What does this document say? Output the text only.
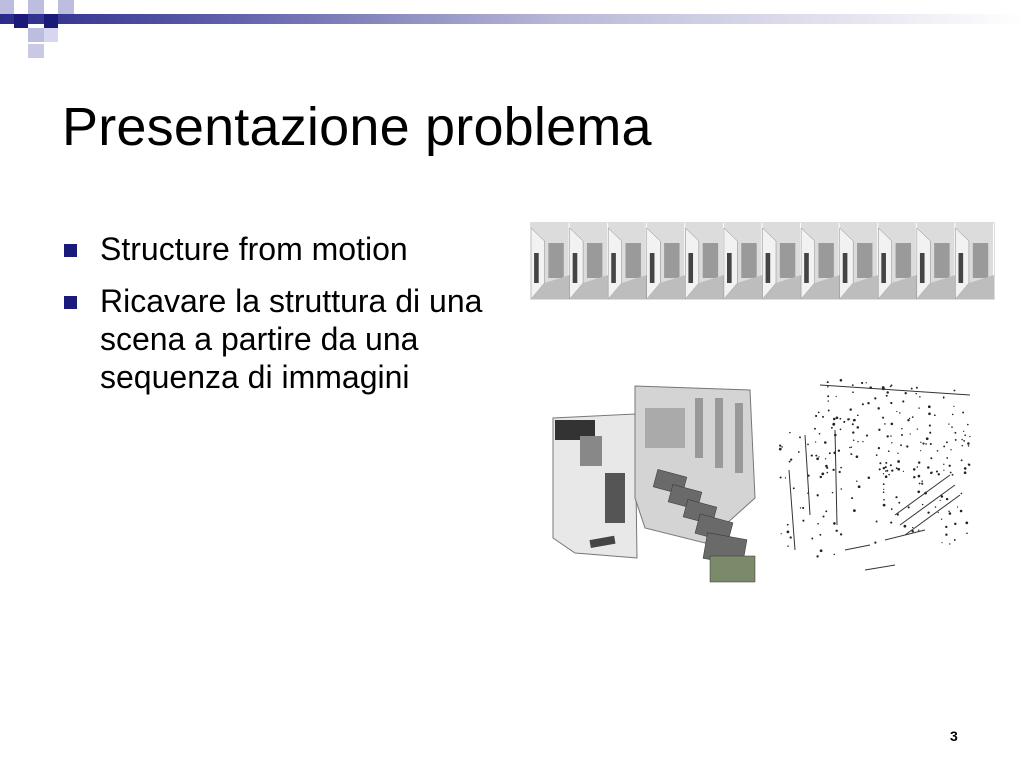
Presentazione problema
Structure from motion
Ricavare la struttura di una scena a partire da una sequenza di immagini
3
